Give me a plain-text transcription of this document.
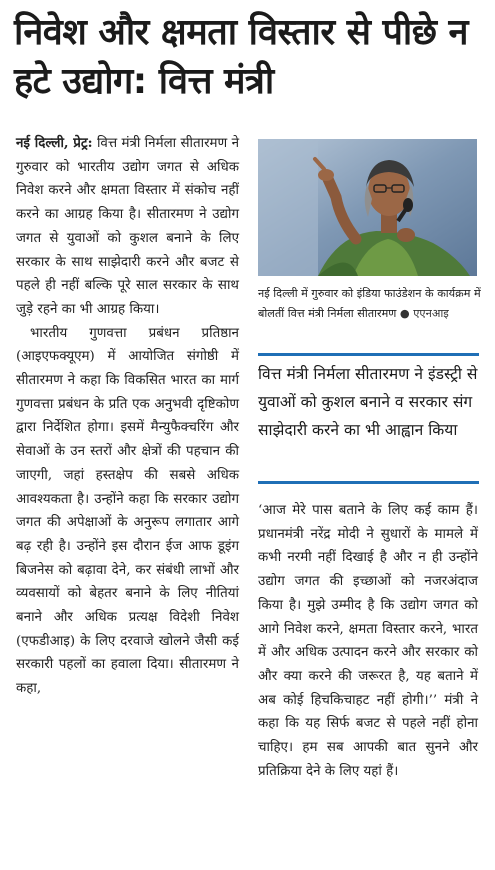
निवेश और क्षमता विस्तार से पीछे न हटे उद्योग: वित्त मंत्री

नई दिल्ली, प्रेट्र: वित्त मंत्री निर्मला सीतारमण ने गुरुवार को भारतीय उद्योग जगत से अधिक निवेश करने और क्षमता विस्तार में संकोच नहीं करने का आग्रह किया है। सीतारमण ने उद्योग जगत से युवाओं को कुशल बनाने के लिए सरकार के साथ साझेदारी करने और बजट से पहले ही नहीं बल्कि पूरे साल सरकार के साथ जुड़े रहने का भी आग्रह किया।

भारतीय गुणवत्ता प्रबंधन प्रतिष्ठान (आइएफक्यूएम) में आयोजित संगोष्ठी में सीतारमण ने कहा कि विकसित भारत का मार्ग गुणवत्ता प्रबंधन के प्रति एक अनुभवी दृष्टिकोण द्वारा निर्देशित होगा। इसमें मैन्युफैक्चरिंग और सेवाओं के उन स्तरों और क्षेत्रों की पहचान की जाएगी, जहां हस्तक्षेप की सबसे अधिक आवश्यकता है। उन्होंने कहा कि सरकार उद्योग जगत की अपेक्षाओं के अनुरूप लगातार आगे बढ़ रही है। उन्होंने इस दौरान ईज आफ डूइंग बिजनेस को बढ़ावा देने, कर संबंधी लाभों और व्यवसायों को बेहतर बनाने के लिए नीतियां बनाने और अधिक प्रत्यक्ष विदेशी निवेश (एफडीआइ) के लिए दरवाजे खोलने जैसी कई सरकारी पहलों का हवाला दिया। सीतारमण ने कहा,

नई दिल्ली में गुरुवार को इंडिया फाउंडेशन के कार्यक्रम में बोलतीं वित्त मंत्री निर्मला सीतारमण ● एएनआइ
वित्त मंत्री निर्मला सीतारमण ने इंडस्ट्री से युवाओं को कुशल बनाने व सरकार संग साझेदारी करने का भी आह्वान किया

‘आज मेरे पास बताने के लिए कई काम हैं। प्रधानमंत्री नरेंद्र मोदी ने सुधारों के मामले में कभी नरमी नहीं दिखाई है और न ही उन्होंने उद्योग जगत की इच्छाओं को नजरअंदाज किया है। मुझे उम्मीद है कि उद्योग जगत को आगे निवेश करने, क्षमता विस्तार करने, भारत में और अधिक उत्पादन करने और सरकार को और क्या करने की जरूरत है, यह बताने में अब कोई हिचकिचाहट नहीं होगी।’’ मंत्री ने कहा कि यह सिर्फ बजट से पहले नहीं होना चाहिए। हम सब आपकी बात सुनने और प्रतिक्रिया देने के लिए यहां हैं।
